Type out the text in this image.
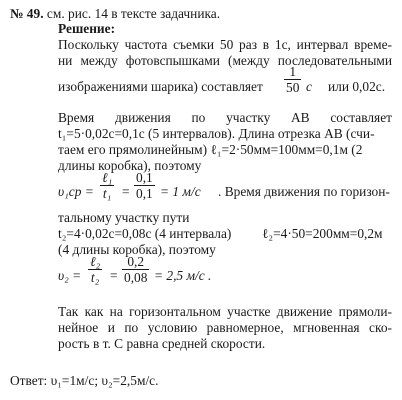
№ 49. см. рис. 14 в тексте задачника.
Решение:
Поскольку частота съемки 50 раз в 1с, интервал време-
ни между фотовспышками (между последовательными
изображениями шарика) составляет
1
50 с или 0,02с.
Время движения по участку АВ составляет
t₁=5·0,02с=0,1с (5 интервалов). Длина отрезка АВ (счи-
таем его прямолинейным) ℓ₁=2·50мм=100мм=0,1м (2
длины коробка), поэтому
υ₁ср =
ℓ₁
t₁ =
0,1
0,1 = 1 м/с . Время движения по горизон-
тальному участку пути
t₂=4·0,02с=0,08с (4 интервала) ℓ₂=4·50=200мм=0,2м
(4 длины коробка), поэтому
υ₂ =
ℓ₂
t₂ =
0,2
0,08 = 2,5 м/с .
Так как на горизонтальном участке движение прямоли-
нейное и по условию равномерное, мгновенная ско-
рость в т. С равна средней скорости.
Ответ: υ₁=1м/с; υ₂=2,5м/с.
